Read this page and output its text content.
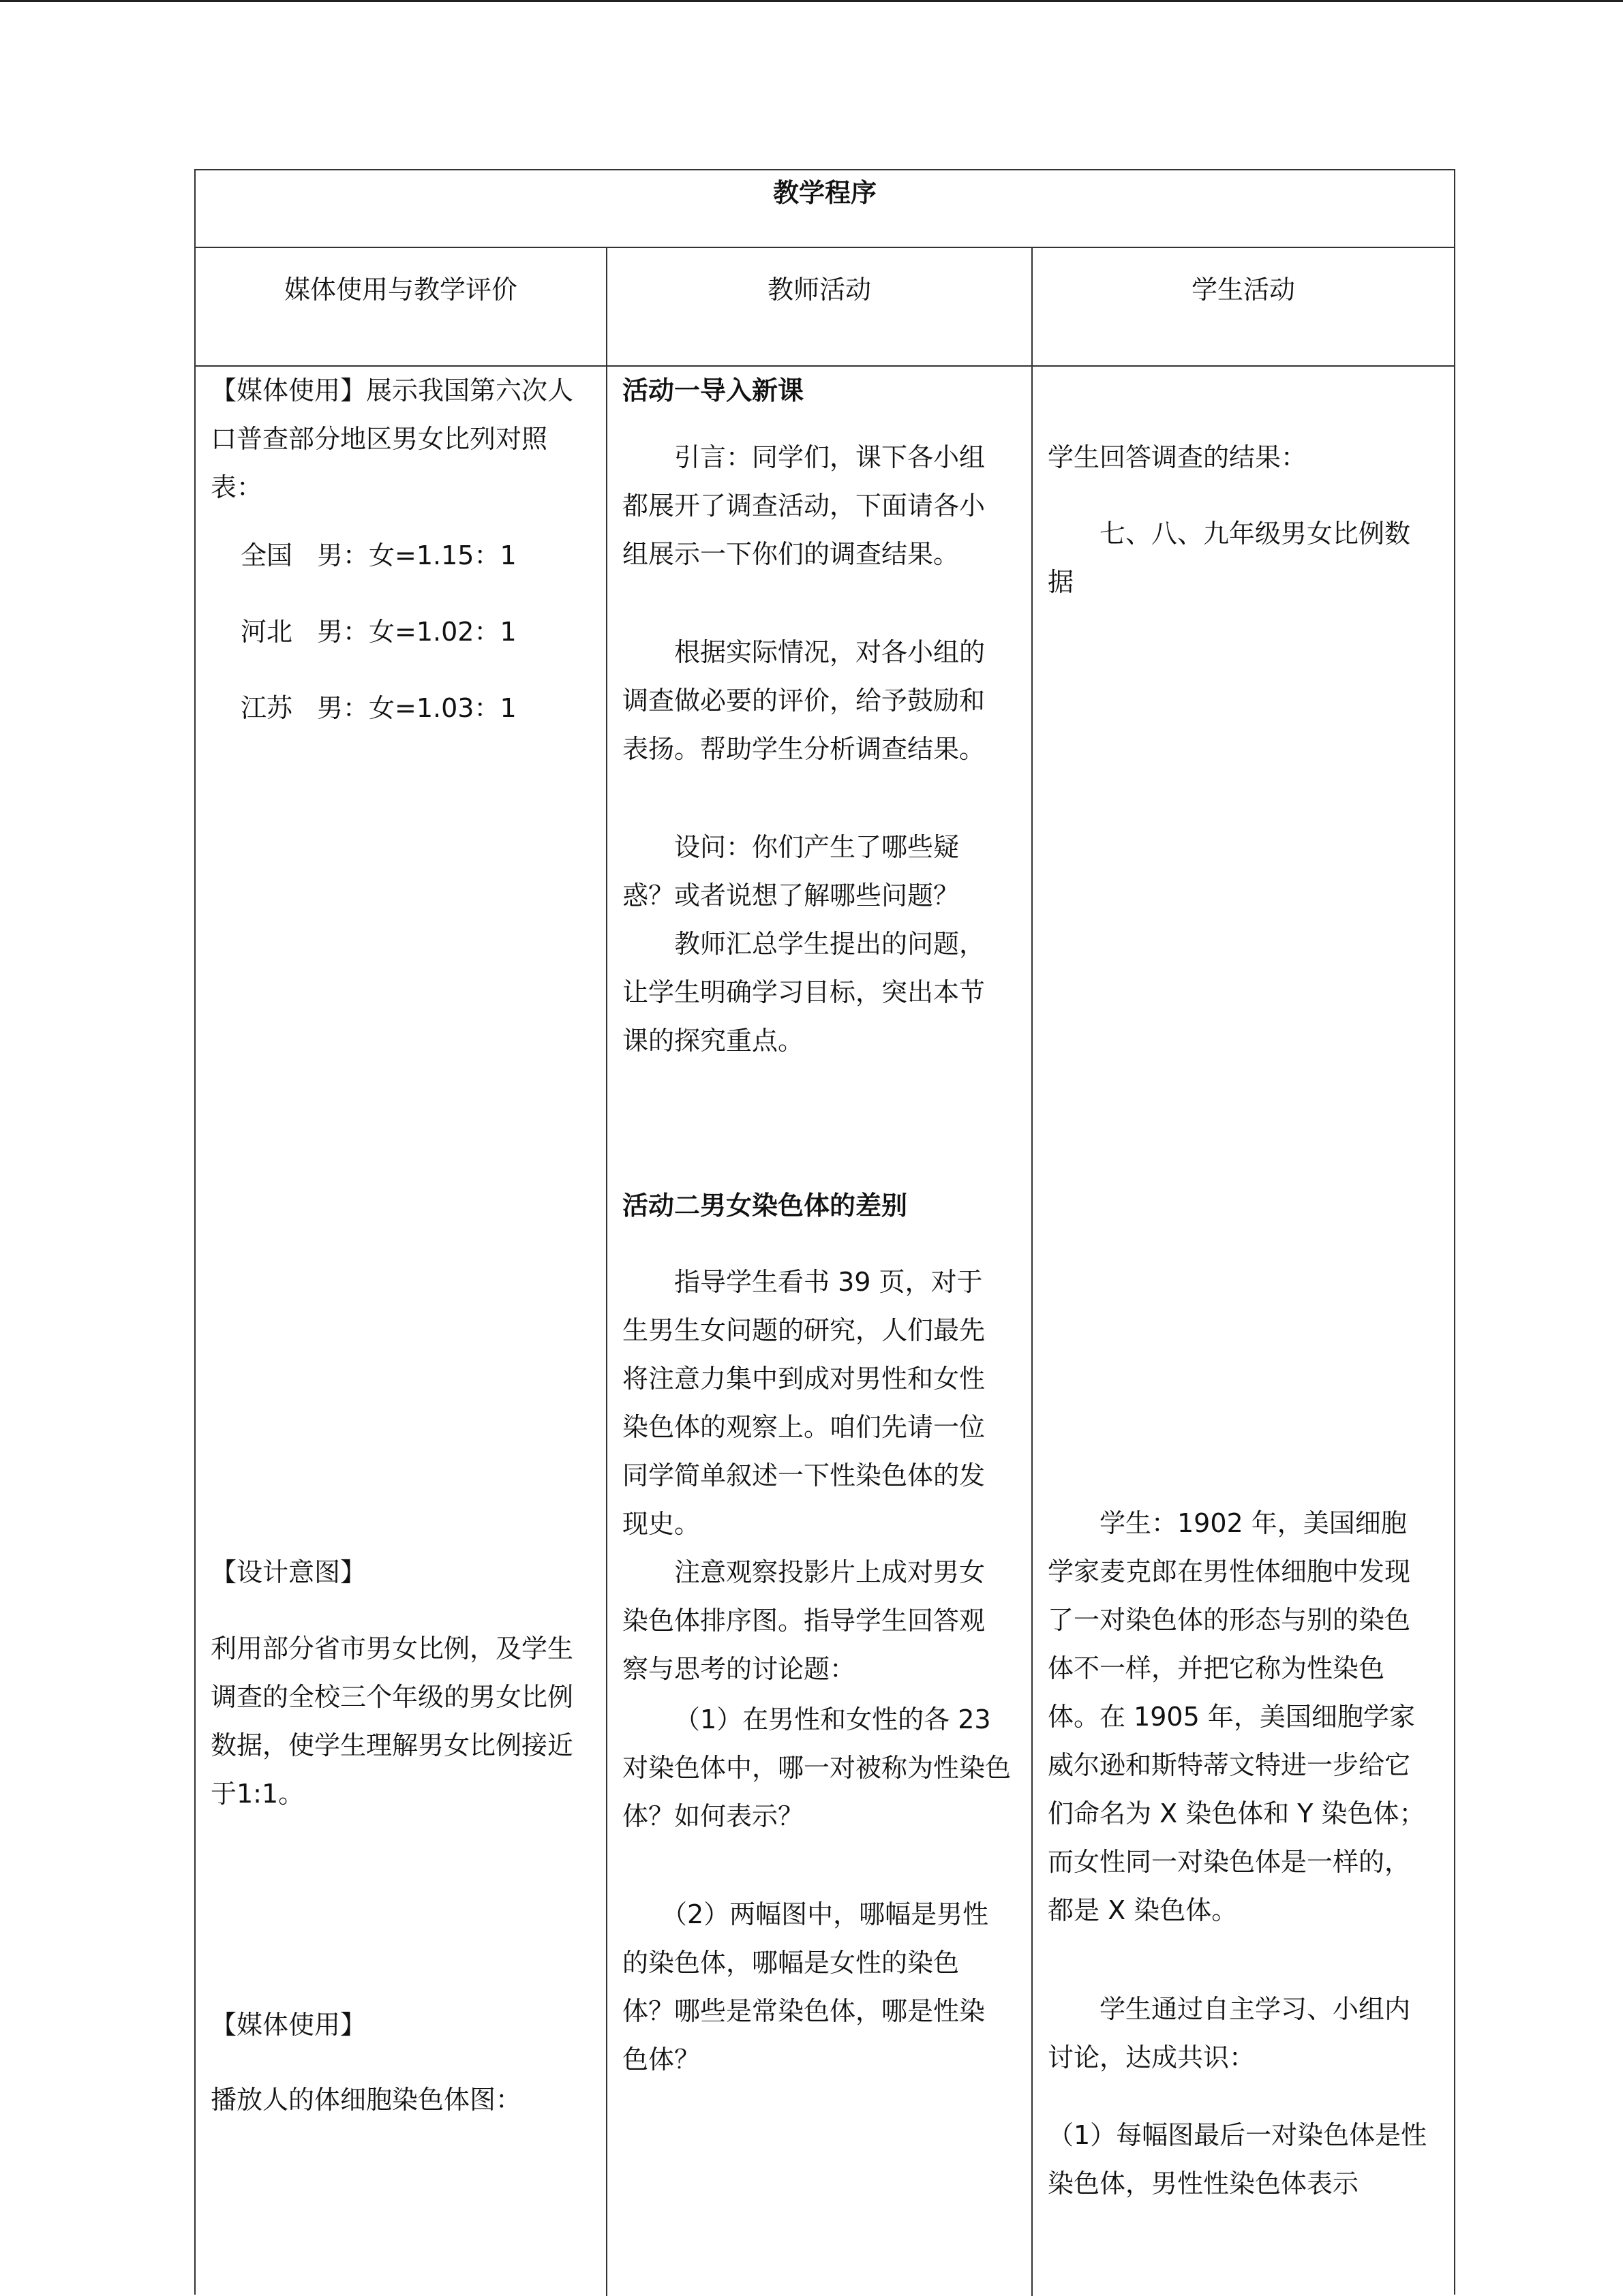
教学程序
媒体使用与教学评价	教师活动	学生活动

【媒体使用】展示我国第六次人口普查部分地区男女比列对照表：

全国 男：女=1.15：1
河北 男：女=1.02：1
江苏 男：女=1.03：1

【设计意图】

利用部分省市男女比例，及学生调查的全校三个年级的男女比例数据，使学生理解男女比例接近于1:1。

【媒体使用】

播放人的体细胞染色体图：

活动一导入新课

引言：同学们，课下各小组都展开了调查活动，下面请各小组展示一下你们的调查结果。

根据实际情况，对各小组的调查做必要的评价，给予鼓励和表扬。帮助学生分析调查结果。

设问：你们产生了哪些疑惑？或者说想了解哪些问题？

教师汇总学生提出的问题，让学生明确学习目标，突出本节课的探究重点。

活动二男女染色体的差别

指导学生看书 39 页，对于生男生女问题的研究，人们最先将注意力集中到成对男性和女性染色体的观察上。咱们先请一位同学简单叙述一下性染色体的发现史。

注意观察投影片上成对男女染色体排序图。指导学生回答观察与思考的讨论题：

（1）在男性和女性的各 23 对染色体中，哪一对被称为性染色体？如何表示？

（2）两幅图中，哪幅是男性的染色体，哪幅是女性的染色体？哪些是常染色体，哪是性染色体？

学生回答调查的结果：

七、八、九年级男女比例数据

学生：1902 年，美国细胞学家麦克郎在男性体细胞中发现了一对染色体的形态与别的染色体不一样，并把它称为性染色体。在 1905 年，美国细胞学家威尔逊和斯特蒂文特进一步给它们命名为 X 染色体和 Y 染色体；而女性同一对染色体是一样的，都是 X 染色体。

学生通过自主学习、小组内讨论，达成共识：

（1）每幅图最后一对染色体是性染色体，男性性染色体表示
